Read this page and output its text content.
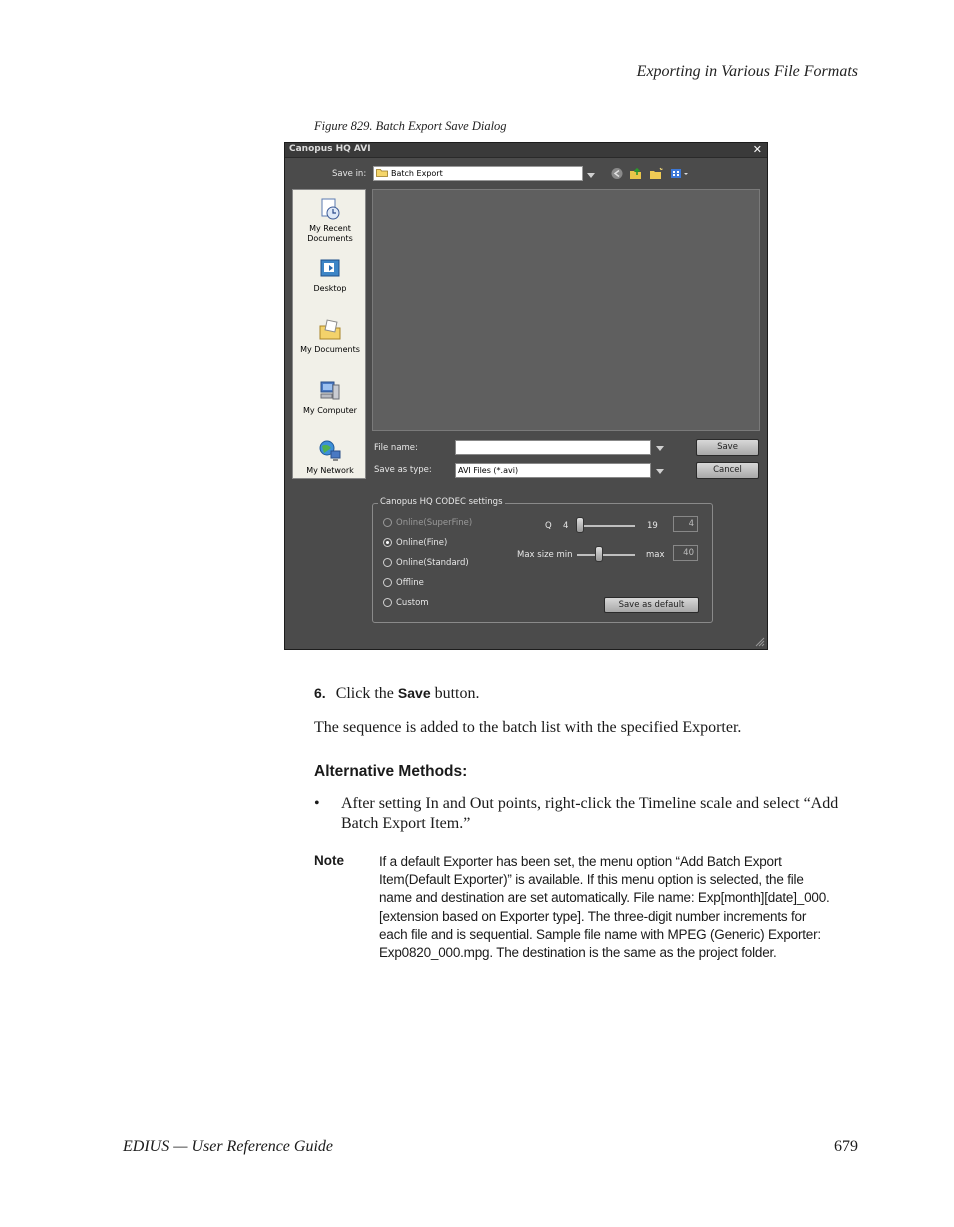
Exporting in Various File Formats
Figure 829. Batch Export Save Dialog
Canopus HQ AVI	✕
Save in:	Batch Export
My Recent Documents
Desktop
My Documents
My Computer
My Network
File name:	Save
Save as type:	AVI Files (*.avi)	Cancel
Canopus HQ CODEC settings
Online(SuperFine)
Online(Fine)
Online(Standard)
Offline
Custom
Q 4	19	4
Max size min	max	40
Save as default
6. Click the Save button.
The sequence is added to the batch list with the specified Exporter.
Alternative Methods:
• After setting In and Out points, right-click the Timeline scale and select “Add Batch Export Item.”
Note	If a default Exporter has been set, the menu option “Add Batch Export Item(Default Exporter)” is available. If this menu option is selected, the file name and destination are set automatically. File name: Exp[month][date]_000.[extension based on Exporter type]. The three-digit number increments for each file and is sequential. Sample file name with MPEG (Generic) Exporter: Exp0820_000.mpg. The destination is the same as the project folder.
EDIUS — User Reference Guide	679
